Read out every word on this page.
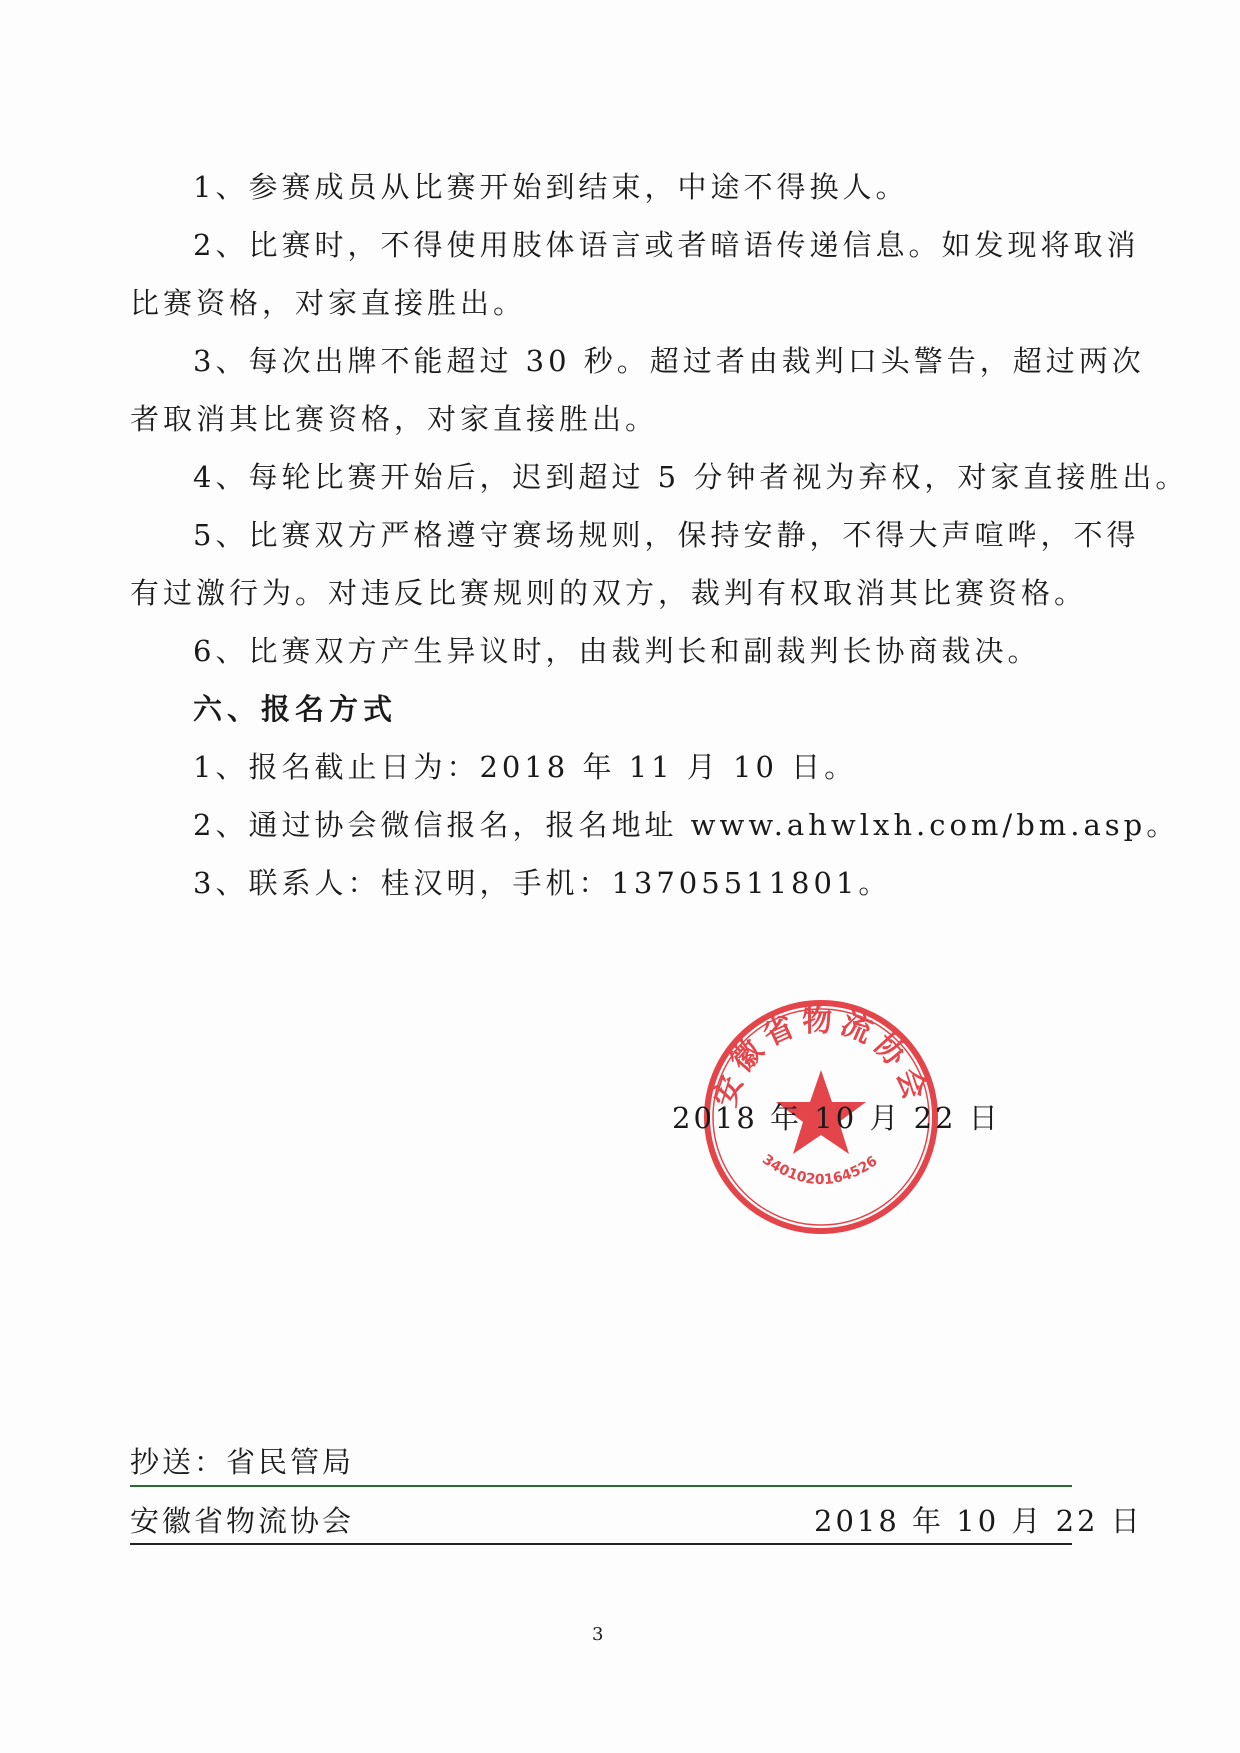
1、参赛成员从比赛开始到结束，中途不得换人。
2、比赛时，不得使用肢体语言或者暗语传递信息。如发现将取消
比赛资格，对家直接胜出。
3、每次出牌不能超过 30 秒。超过者由裁判口头警告，超过两次
者取消其比赛资格，对家直接胜出。
4、每轮比赛开始后，迟到超过 5 分钟者视为弃权，对家直接胜出。
5、比赛双方严格遵守赛场规则，保持安静，不得大声喧哗，不得
有过激行为。对违反比赛规则的双方，裁判有权取消其比赛资格。
6、比赛双方产生异议时，由裁判长和副裁判长协商裁决。
六、报名方式
1、报名截止日为：2018 年 11 月 10 日。
2、通过协会微信报名，报名地址 www.ahwlxh.com/bm.asp。
3、联系人：桂汉明，手机：13705511801。
安徽省物流协会
3401020164526
2018 年 10 月 22 日
抄送：省民管局
安徽省物流协会	2018 年 10 月 22 日
3
